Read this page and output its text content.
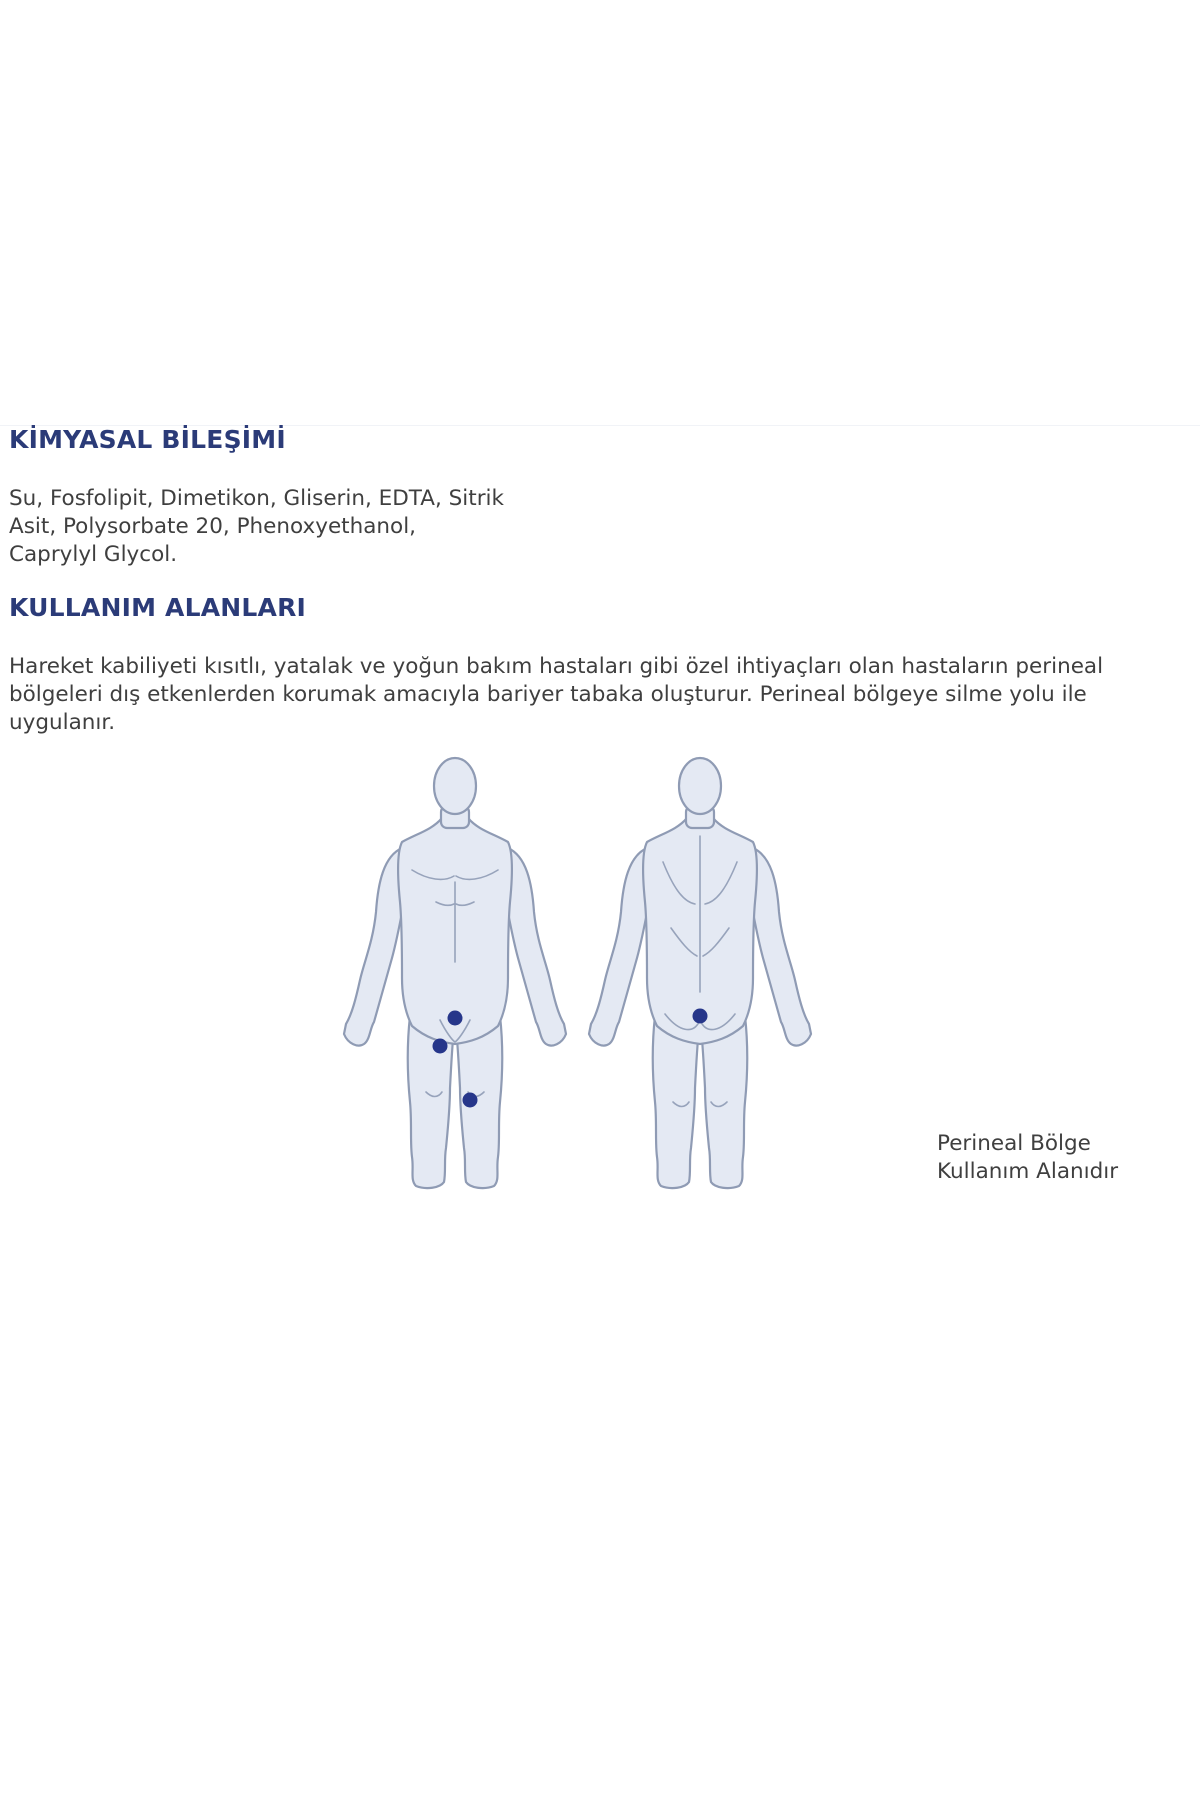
KİMYASAL BİLEŞİMİ

Su, Fosfolipit, Dimetikon, Gliserin, EDTA, Sitrik
Asit, Polysorbate 20, Phenoxyethanol,
Caprylyl Glycol.

KULLANIM ALANLARI

Hareket kabiliyeti kısıtlı, yatalak ve yoğun bakım hastaları gibi özel ihtiyaçları olan hastaların perineal
bölgeleri dış etkenlerden korumak amacıyla bariyer tabaka oluşturur. Perineal bölgeye silme yolu ile
uygulanır.

Perineal Bölge
Kullanım Alanıdır
